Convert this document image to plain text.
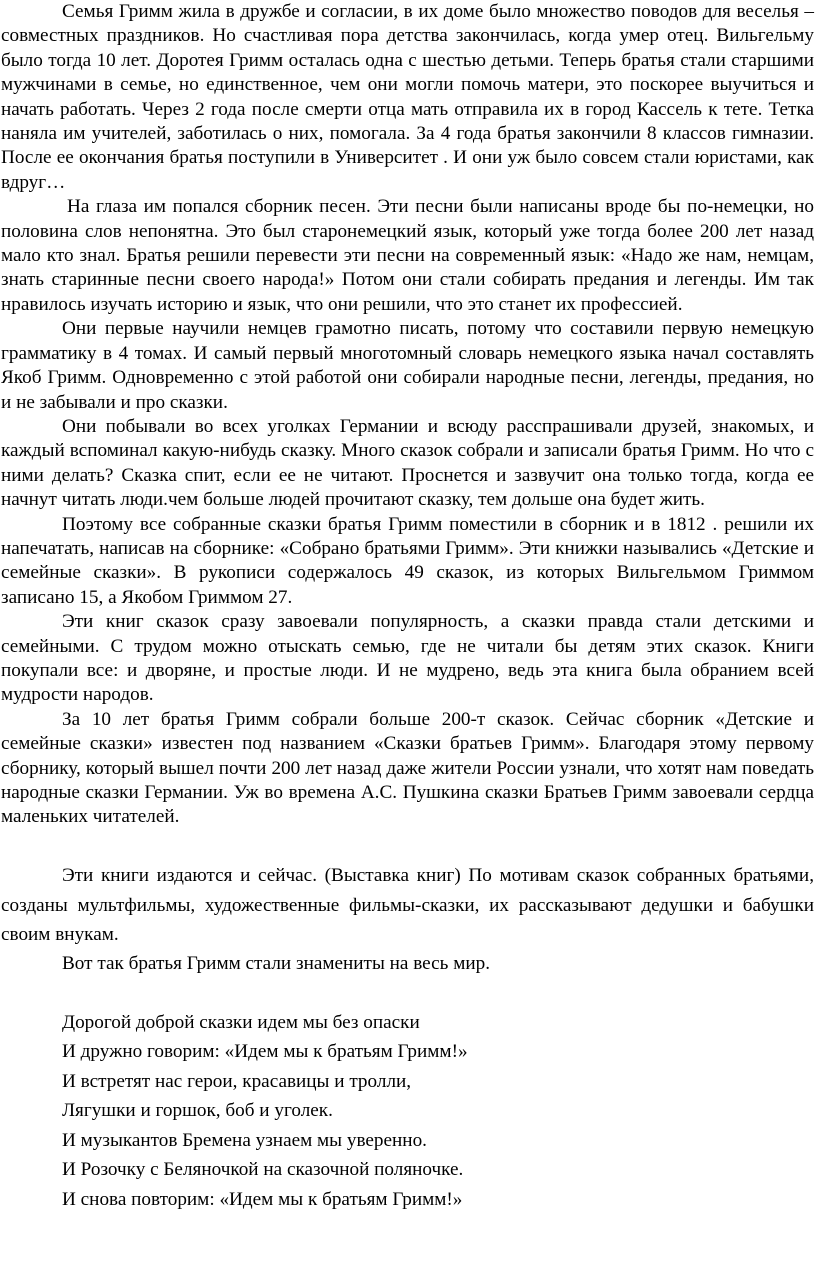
Семья Гримм жила в дружбе и согласии, в их доме было множество поводов для веселья – совместных праздников. Но счастливая пора детства закончилась, когда умер отец. Вильгельму было тогда 10 лет. Доротея Гримм осталась одна с шестью детьми. Теперь братья стали старшими мужчинами в семье, но единственное, чем они могли помочь матери, это поскорее выучиться и начать работать. Через 2 года после смерти отца мать отправила их в город Кассель к тете. Тетка наняла им учителей, заботилась о них, помогала. За 4 года братья закончили 8 классов гимназии. После ее окончания братья поступили в Университет . И они уж было совсем стали юристами, как вдруг…

На глаза им попался сборник песен. Эти песни были написаны вроде бы по-немецки, но половина слов непонятна. Это был старонемецкий язык, который уже тогда более 200 лет назад мало кто знал. Братья решили перевести эти песни на современный язык: «Надо же нам, немцам, знать старинные песни своего народа!» Потом они стали собирать предания и легенды. Им так нравилось изучать историю и язык, что они решили, что это станет их профессией.

Они первые научили немцев грамотно писать, потому что составили первую немецкую грамматику в 4 томах. И самый первый многотомный словарь немецкого языка начал составлять Якоб Гримм. Одновременно с этой работой они собирали народные песни, легенды, предания, но и не забывали и про сказки.

Они побывали во всех уголках Германии и всюду расспрашивали друзей, знакомых, и каждый вспоминал какую-нибудь сказку. Много сказок собрали и записали братья Гримм. Но что с ними делать? Сказка спит, если ее не читают. Проснется и зазвучит она только тогда, когда ее начнут читать люди.чем больше людей прочитают сказку, тем дольше она будет жить.

Поэтому все собранные сказки братья Гримм поместили в сборник и в 1812 . решили их напечатать, написав на сборнике: «Собрано братьями Гримм». Эти книжки назывались «Детские и семейные сказки». В рукописи содержалось 49 сказок, из которых Вильгельмом Гриммом записано 15, а Якобом Гриммом 27.

Эти книг сказок сразу завоевали популярность, а сказки правда стали детскими и семейными. С трудом можно отыскать семью, где не читали бы детям этих сказок. Книги покупали все: и дворяне, и простые люди. И не мудрено, ведь эта книга была обранием всей мудрости народов.

За 10 лет братья Гримм собрали больше 200-т сказок. Сейчас сборник «Детские и семейные сказки» известен под названием «Сказки братьев Гримм». Благодаря этому первому сборнику, который вышел почти 200 лет назад даже жители России узнали, что хотят нам поведать народные сказки Германии. Уж во времена А.С. Пушкина сказки Братьев Гримм завоевали сердца маленьких читателей.

Эти книги издаются и сейчас. (Выставка книг) По мотивам сказок собранных братьями, созданы мультфильмы, художественные фильмы-сказки, их рассказывают дедушки и бабушки своим внукам.

Вот так братья Гримм стали знамениты на весь мир.

Дорогой доброй сказки идем мы без опаски
И дружно говорим: «Идем мы к братьям Гримм!»
И встретят нас герои, красавицы и тролли,
Лягушки и горшок, боб и уголек.
И музыкантов Бремена узнаем мы уверенно.
И Розочку с Беляночкой на сказочной поляночке.
И снова повторим: «Идем мы к братьям Гримм!»
